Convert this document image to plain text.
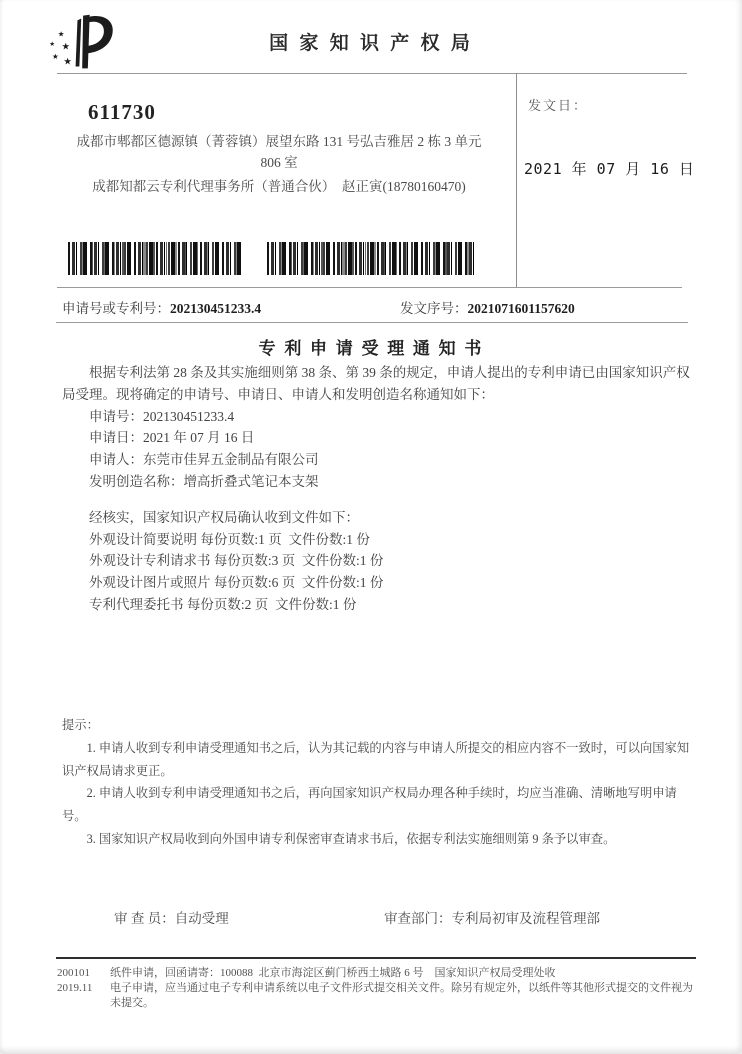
★
★ ★
★
★
国 家 知 识 产 权 局
611730
成都市郫都区德源镇（菁蓉镇）展望东路 131 号弘吉雅居 2 栋 3 单元
806 室
成都知都云专利代理事务所（普通合伙）  赵正寅(18780160470)
发文日：
2021 年 07 月 16 日
申请号或专利号：202130451233.4	发文序号：2021071601157620
专 利 申 请 受 理 通 知 书

根据专利法第 28 条及其实施细则第 38 条、第 39 条的规定，申请人提出的专利申请已由国家知识产权局受理。现将确定的申请号、申请日、申请人和发明创造名称通知如下：

申请号：202130451233.4

申请日：2021 年 07 月 16 日

申请人：东莞市佳昇五金制品有限公司

发明创造名称：增高折叠式笔记本支架

经核实，国家知识产权局确认收到文件如下：

外观设计简要说明 每份页数:1 页  文件份数:1 份

外观设计专利请求书 每份页数:3 页  文件份数:1 份

外观设计图片或照片 每份页数:6 页  文件份数:1 份

专利代理委托书 每份页数:2 页  文件份数:1 份

提示：

1. 申请人收到专利申请受理通知书之后，认为其记载的内容与申请人所提交的相应内容不一致时，可以向国家知识产权局请求更正。

2. 申请人收到专利申请受理通知书之后，再向国家知识产权局办理各种手续时，均应当准确、清晰地写明申请号。

3. 国家知识产权局收到向外国申请专利保密审查请求书后，依据专利法实施细则第 9 条予以审查。

审 查 员：自动受理	审查部门：专利局初审及流程管理部
200101	纸件申请，回函请寄：100088  北京市海淀区蓟门桥西土城路 6 号　国家知识产权局受理处收
2019.11	电子申请，应当通过电子专利申请系统以电子文件形式提交相关文件。除另有规定外，以纸件等其他形式提交的文件视为未提交。
